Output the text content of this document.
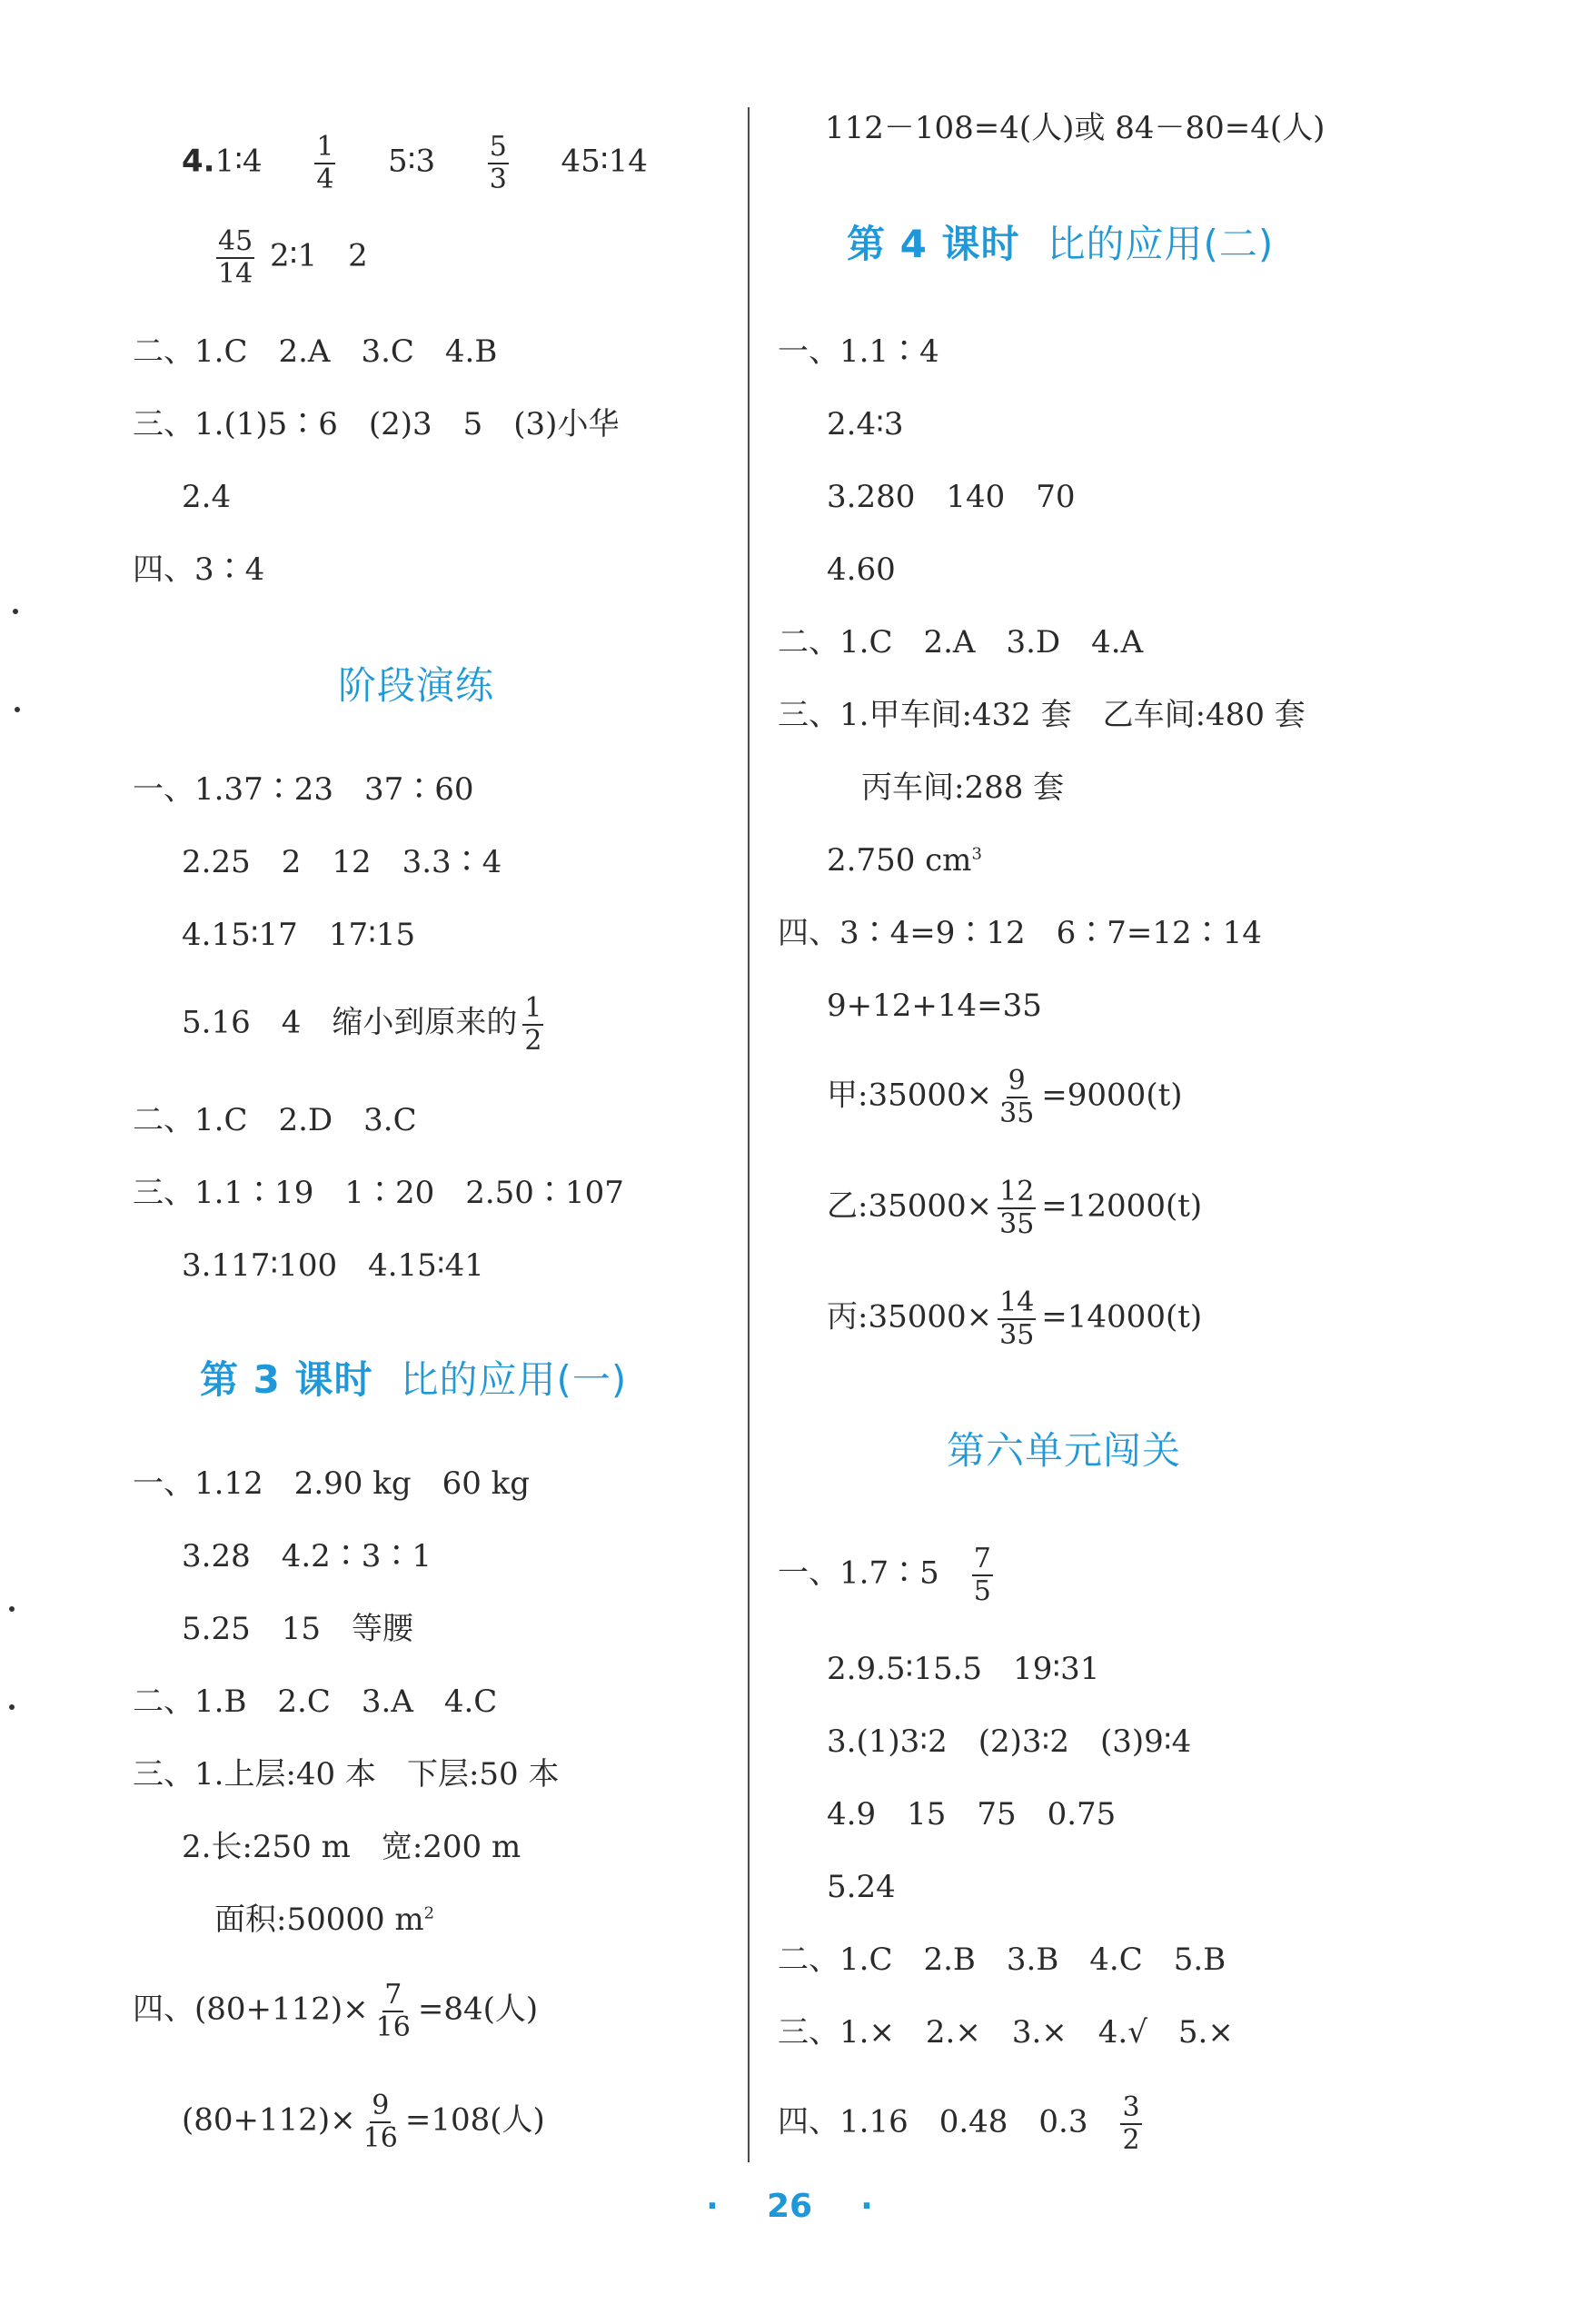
4.1∶4 $\frac{1}{4}$ 5∶3 $\frac{5}{3}$ 45∶14
$\frac{45}{14}$ 2∶1　2
二、1.C　2.A　3.C　4.B
三、1.(1)5∶6　(2)3　5　(3)小华
2.4
四、3∶4
阶段演练
一、1.37∶23　37∶60
2.25　2　12　3.3∶4
4.15∶17　17∶15
5.16　4　缩小到原来的 $\frac{1}{2}$
二、1.C　2.D　3.C
三、1.1∶19　1∶20　2.50∶107
3.117∶100　4.15∶41
第 3 课时 比的应用(一)
一、1.12　2.90 kg　60 kg
3.28　4.2∶3∶1
5.25　15　等腰
二、1.B　2.C　3.A　4.C
三、1.上层:40 本　下层:50 本
2.长:250 m　宽:200 m
面积:50000 $m^2$
四、$(80+112)\times \frac{7}{16} =84$(人)
$(80+112)\times \frac{9}{16} =108$(人)
112－108=4(人)或 84－80=4(人)
第 4 课时 比的应用(二)
一、1.1∶4
2.4∶3
3.280　140　70
4.60
二、1.C　2.A　3.D　4.A
三、1.甲车间:432 套　乙车间:480 套
丙车间:288 套
2.750 $cm^3$
四、3∶4=9∶12　6∶7=12∶14
9+12+14=35
甲:35000× $\frac{9}{35} =9000(t)$
乙:35000× $\frac{12}{35} =12000(t)$
丙:35000× $\frac{14}{35} =14000(t)$
第六单元闯关
一、1.7∶5 $\frac{7}{5}$
2.9.5∶15.5　19∶31
3.(1)3∶2　(2)3∶2　(3)9∶4
4.9　15　75　0.75
5.24
二、1.C　2.B　3.B　4.C　5.B
三、1.×　2.×　3.×　4.√　5.×
四、1.16　0.48　$0.3 \frac{3}{2}$
· 26 ·
